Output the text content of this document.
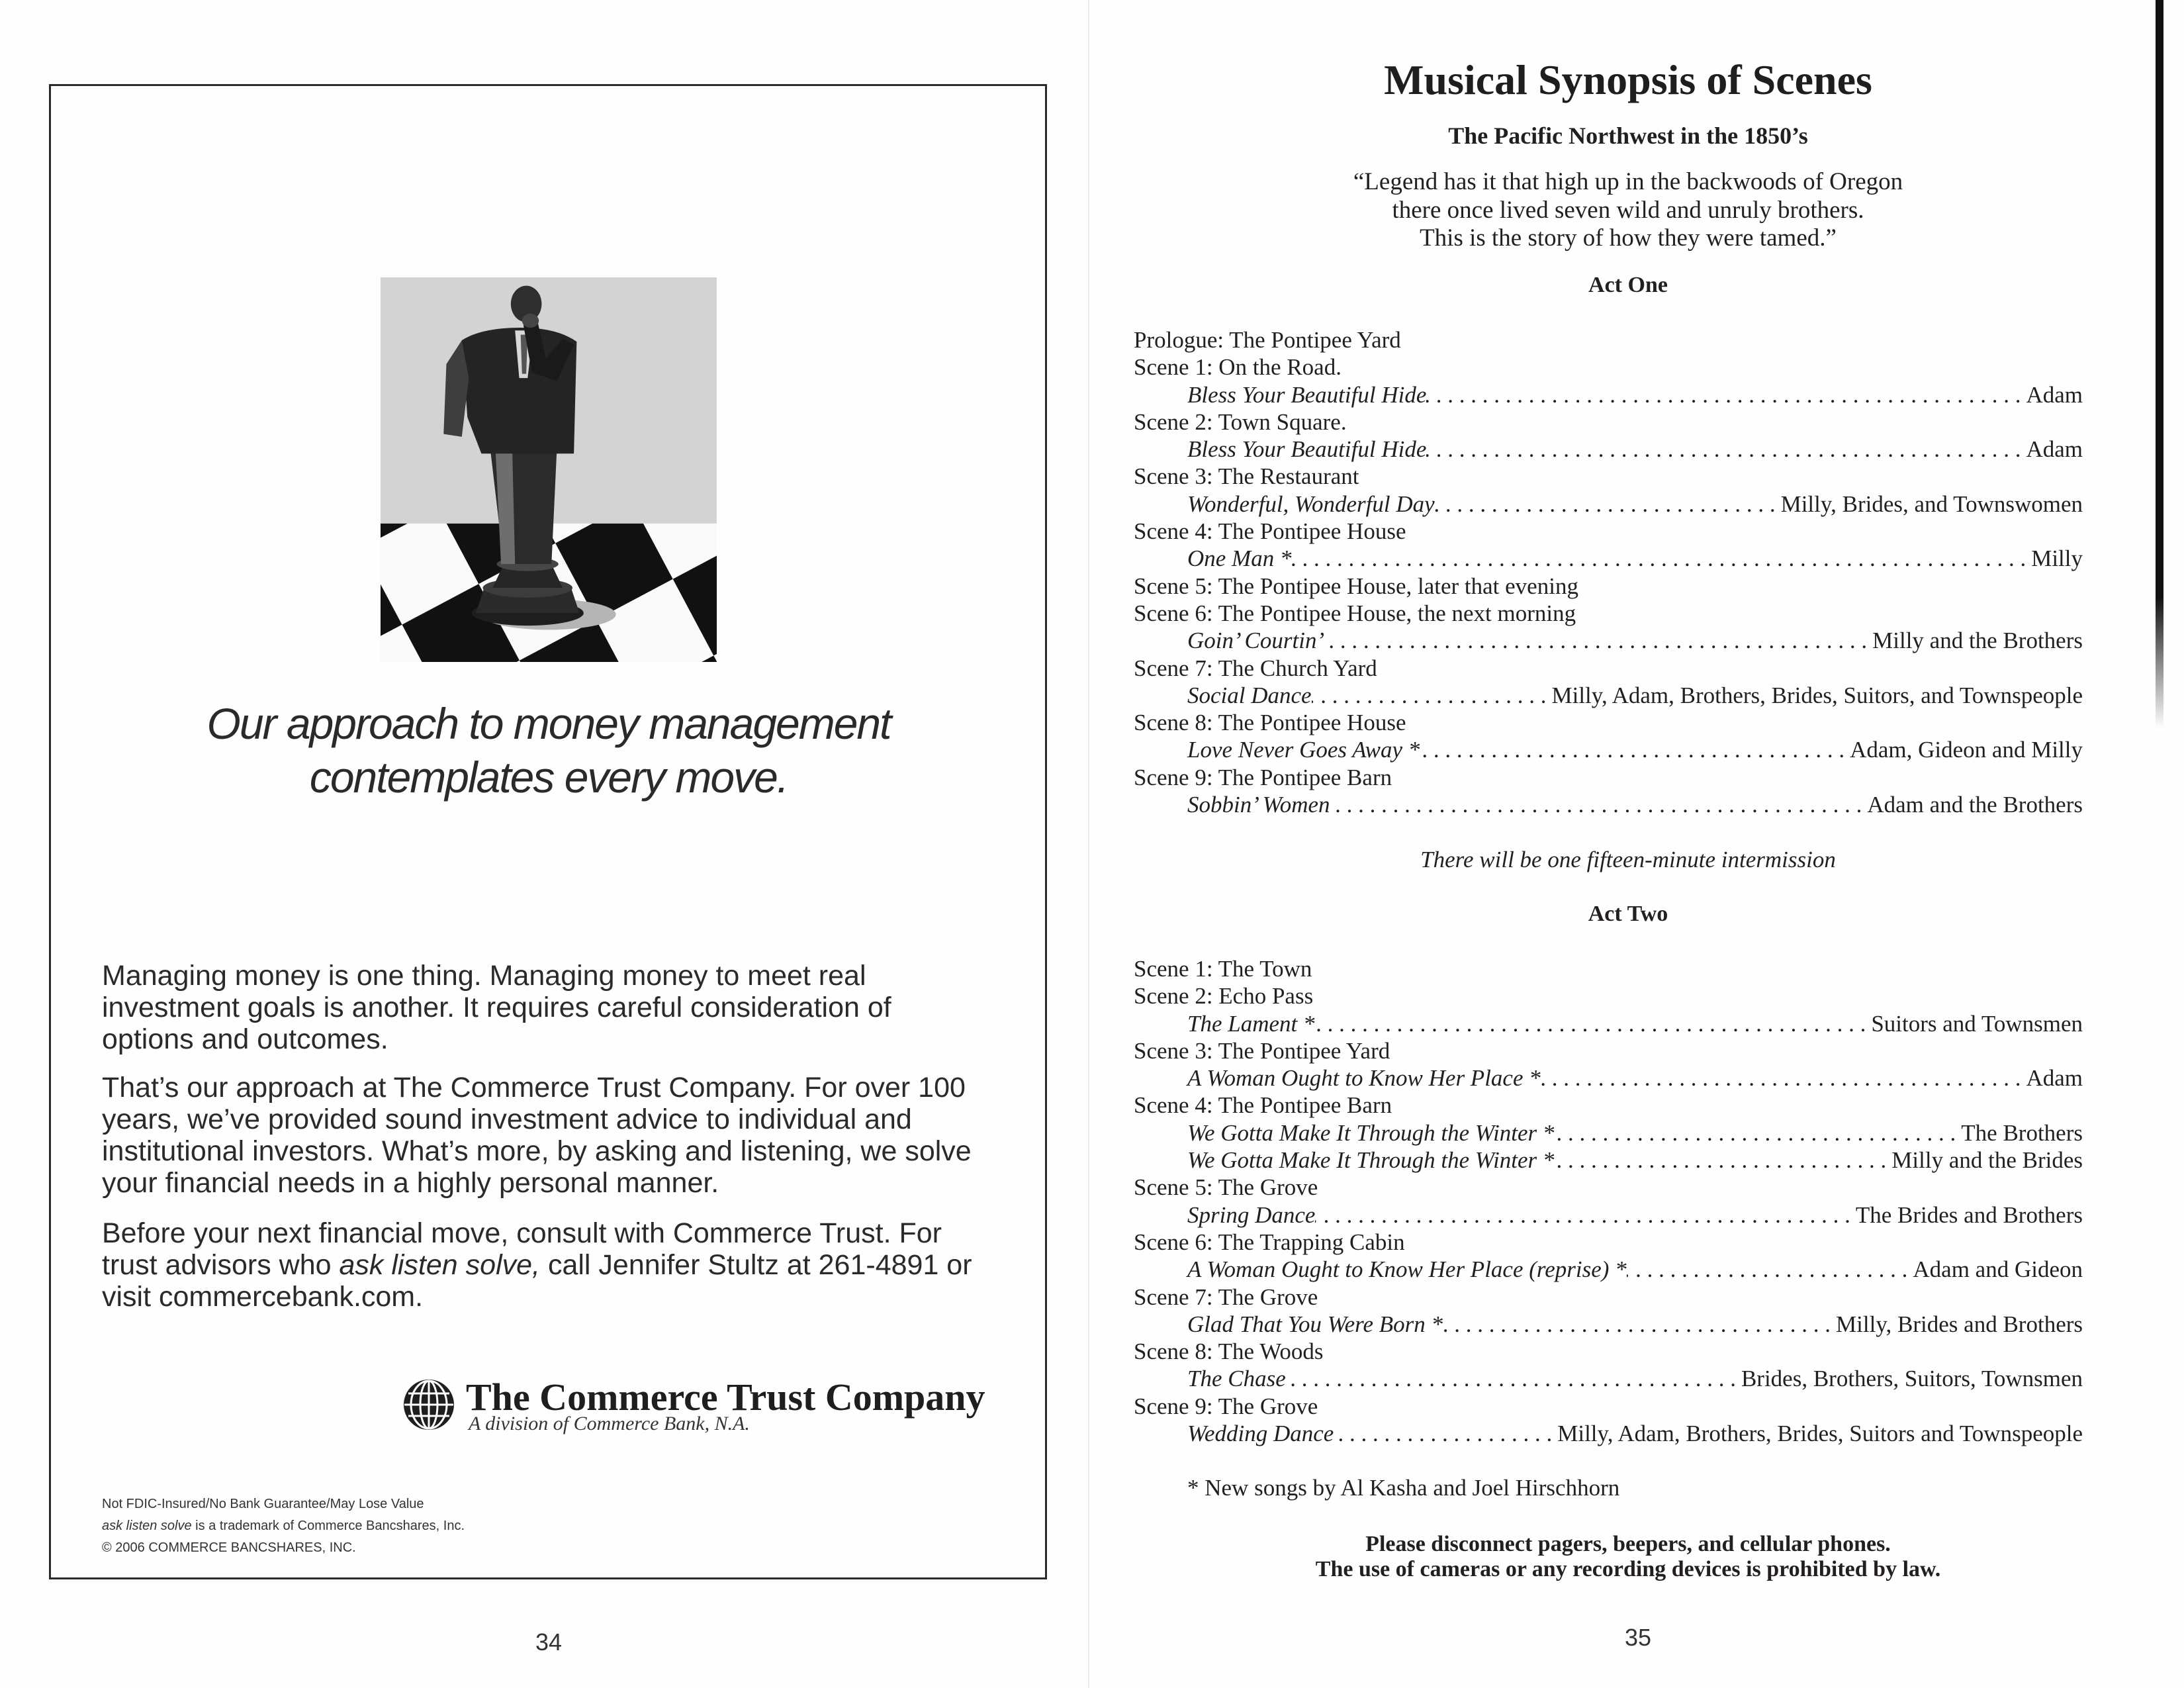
Our approach to money management
contemplates every move.
Managing money is one thing. Managing money to meet real
investment goals is another. It requires careful consideration of
options and outcomes.
That’s our approach at The Commerce Trust Company. For over 100
years, we’ve provided sound investment advice to individual and
institutional investors. What’s more, by asking and listening, we solve
your financial needs in a highly personal manner.
Before your next financial move, consult with Commerce Trust. For
trust advisors who ask listen solve, call Jennifer Stultz at 261-4891 or
visit commercebank.com.
The Commerce Trust Company
A division of Commerce Bank, N.A.
Not FDIC-Insured/No Bank Guarantee/May Lose Value
ask listen solve is a trademark of Commerce Bancshares, Inc.
© 2006 COMMERCE BANCSHARES, INC.
34
Musical Synopsis of Scenes
The Pacific Northwest in the 1850’s
“Legend has it that high up in the backwoods of Oregon
there once lived seven wild and unruly brothers.
This is the story of how they were tamed.”
Act One
Prologue: The Pontipee Yard
Scene 1: On the Road.
Bless Your Beautiful Hide . . .	Adam
Scene 2: Town Square.
Bless Your Beautiful Hide . . .	Adam
Scene 3: The Restaurant
Wonderful, Wonderful Day . . .	Milly, Brides, and Townswomen
Scene 4: The Pontipee House
One Man * . . .	Milly
Scene 5: The Pontipee House, later that evening
Scene 6: The Pontipee House, the next morning
Goin’ Courtin’ . . .	Milly and the Brothers
Scene 7: The Church Yard
Social Dance . . .	Milly, Adam, Brothers, Brides, Suitors, and Townspeople
Scene 8: The Pontipee House
Love Never Goes Away * . . .	Adam, Gideon and Milly
Scene 9: The Pontipee Barn
Sobbin’ Women . . .	Adam and the Brothers
There will be one fifteen-minute intermission
Act Two
Scene 1: The Town
Scene 2: Echo Pass
The Lament * . . .	Suitors and Townsmen
Scene 3: The Pontipee Yard
A Woman Ought to Know Her Place * . . .	Adam
Scene 4: The Pontipee Barn
We Gotta Make It Through the Winter * . . .	The Brothers
We Gotta Make It Through the Winter * . . .	Milly and the Brides
Scene 5: The Grove
Spring Dance . . .	The Brides and Brothers
Scene 6: The Trapping Cabin
A Woman Ought to Know Her Place (reprise) * . . .	Adam and Gideon
Scene 7: The Grove
Glad That You Were Born * . . .	Milly, Brides and Brothers
Scene 8: The Woods
The Chase . . .	Brides, Brothers, Suitors, Townsmen
Scene 9: The Grove
Wedding Dance . . .	Milly, Adam, Brothers, Brides, Suitors and Townspeople
* New songs by Al Kasha and Joel Hirschhorn
Please disconnect pagers, beepers, and cellular phones.
The use of cameras or any recording devices is prohibited by law.
35
